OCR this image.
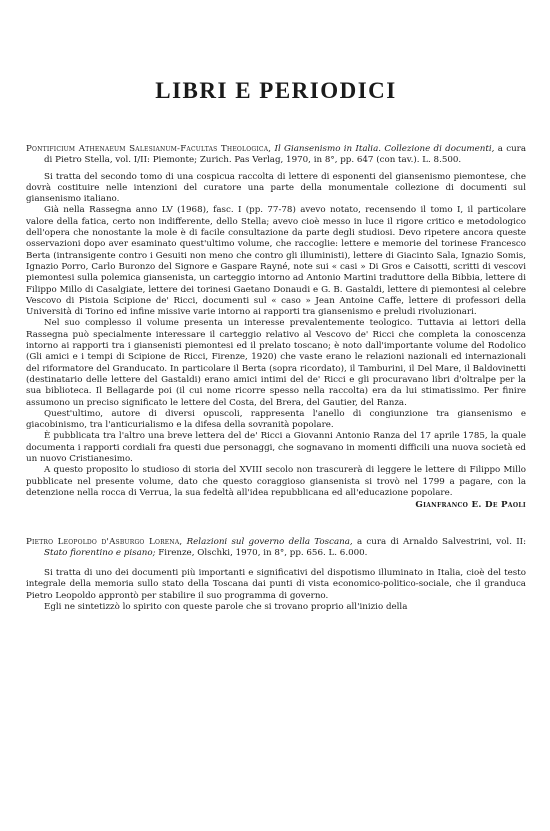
LIBRI E PERIODICI

Pontificium Athenaeum Salesianum-Facultas Theologica, Il Giansenismo in Italia. Collezione di documenti, a cura di Pietro Stella, vol. I/II: Piemonte; Zurich. Pas Verlag, 1970, in 8°, pp. 647 (con tav.). L. 8.500.

Si tratta del secondo tomo di una cospicua raccolta di lettere di esponenti del giansenismo piemontese, che dovrà costituire nelle intenzioni del curatore una parte della monumentale collezione di documenti sul giansenismo italiano.

Già nella Rassegna anno LV (1968), fasc. I (pp. 77-78) avevo notato, recensendo il tomo I, il particolare valore della fatica, certo non indifferente, dello Stella; avevo cioè messo in luce il rigore critico e metodologico dell'opera che nonostante la mole è di facile consultazione da parte degli studiosi. Devo ripetere ancora queste osservazioni dopo aver esaminato quest'ultimo volume, che raccoglie: lettere e memorie del torinese Francesco Berta (intransigente contro i Gesuiti non meno che contro gli illuministi), lettere di Giacinto Sala, Ignazio Somis, Ignazio Porro, Carlo Buronzo del Signore e Gaspare Rayné, note sui « casi » Di Gros e Caisotti, scritti di vescovi piemontesi sulla polemica giansenista, un carteggio intorno ad Antonio Martini traduttore della Bibbia, lettere di Filippo Millo di Casalgiate, lettere dei torinesi Gaetano Donaudi e G. B. Gastaldi, lettere di piemontesi al celebre Vescovo di Pistoia Scipione de' Ricci, documenti sul « caso » Jean Antoine Caffe, lettere di professori della Università di Torino ed infine missive varie intorno ai rapporti tra giansenismo e preludi rivoluzionari.

Nel suo complesso il volume presenta un interesse prevalentemente teologico. Tuttavia ai lettori della Rassegna può specialmente interessare il carteggio relativo al Vescovo de' Ricci che completa la conoscenza intorno ai rapporti tra i giansenisti piemontesi ed il prelato toscano; è noto dall'importante volume del Rodolico (Gli amici e i tempi di Scipione de Ricci, Firenze, 1920) che vaste erano le relazioni nazionali ed internazionali del riformatore del Granducato. In particolare il Berta (sopra ricordato), il Tamburini, il Del Mare, il Baldovinetti (destinatario delle lettere del Gastaldi) erano amici intimi del de' Ricci e gli procuravano libri d'oltralpe per la sua biblioteca. Il Bellagarde poi (il cui nome ricorre spesso nella raccolta) era da lui stimatissimo. Per finire assumono un preciso significato le lettere del Costa, del Brera, del Gautier, del Ranza.

Quest'ultimo, autore di diversi opuscoli, rappresenta l'anello di congiunzione tra giansenismo e giacobinismo, tra l'anticurialismo e la difesa della sovranità popolare.

È pubblicata tra l'altro una breve lettera del de' Ricci a Giovanni Antonio Ranza del 17 aprile 1785, la quale documenta i rapporti cordiali fra questi due personaggi, che sognavano in momenti difficili una nuova società ed un nuovo Cristianesimo.

A questo proposito lo studioso di storia del XVIII secolo non trascurerà di leggere le lettere di Filippo Millo pubblicate nel presente volume, dato che questo coraggioso giansenista si trovò nel 1799 a pagare, con la detenzione nella rocca di Verrua, la sua fedeltà all'idea repubblicana ed all'educazione popolare.

Gianfranco E. De Paoli

Pietro Leopoldo d'Asburgo Lorena, Relazioni sul governo della Toscana, a cura di Arnaldo Salvestrini, vol. II: Stato fiorentino e pisano; Firenze, Olschki, 1970, in 8°, pp. 656. L. 6.000.

Si tratta di uno dei documenti più importanti e significativi del dispotismo illuminato in Italia, cioè del testo integrale della memoria sullo stato della Toscana dai punti di vista economico-politico-sociale, che il granduca Pietro Leopoldo approntò per stabilire il suo programma di governo.

Egli ne sintetizzò lo spirito con queste parole che si trovano proprio all'inizio della
